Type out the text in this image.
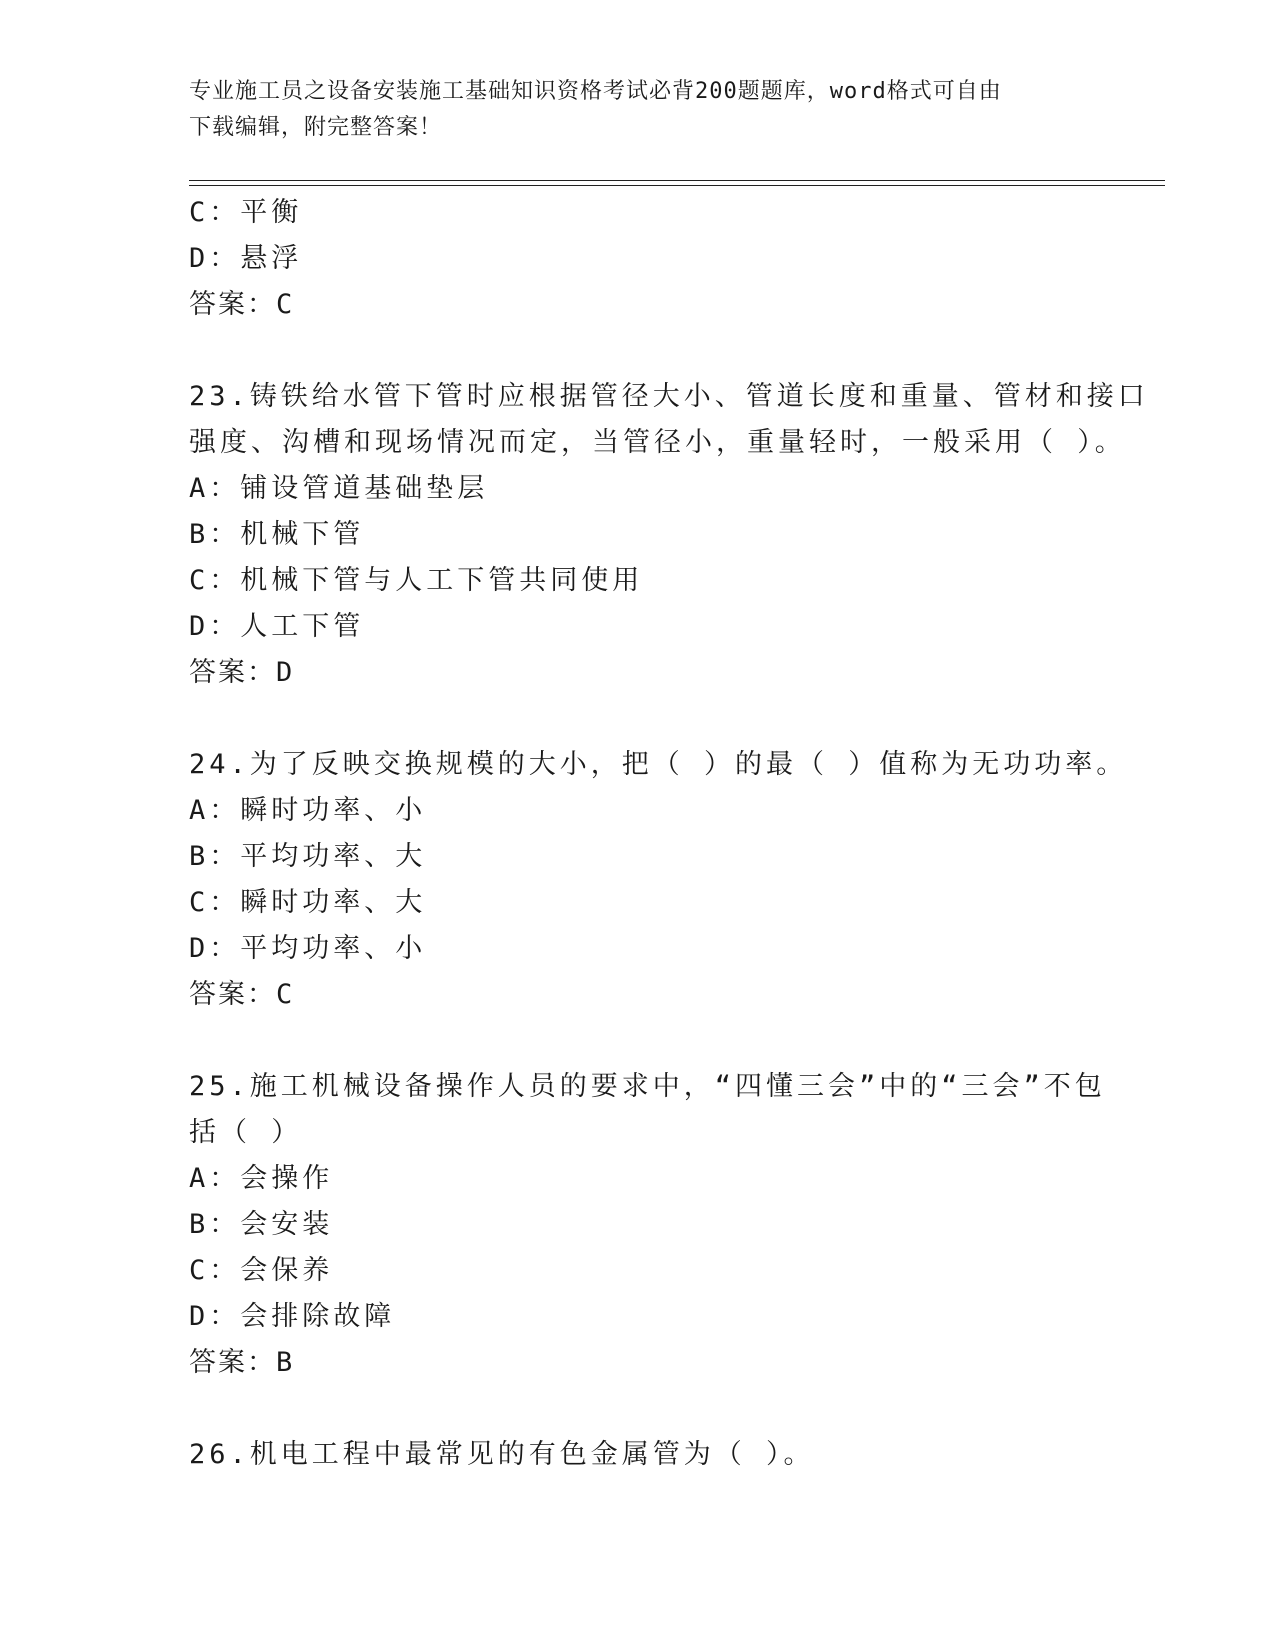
专业施工员之设备安装施工基础知识资格考试必背200题题库，word格式可自由
下载编辑，附完整答案！
C：平衡
D：悬浮
答案：C
23.铸铁给水管下管时应根据管径大小、管道长度和重量、管材和接口
强度、沟槽和现场情况而定，当管径小，重量轻时，一般采用（ ）。
A：铺设管道基础垫层
B：机械下管
C：机械下管与人工下管共同使用
D：人工下管
答案：D
24.为了反映交换规模的大小，把（ ）的最（ ）值称为无功功率。
A：瞬时功率、小
B：平均功率、大
C：瞬时功率、大
D：平均功率、小
答案：C
25.施工机械设备操作人员的要求中，“四懂三会”中的“三会”不包
括（ ）
A：会操作
B：会安装
C：会保养
D：会排除故障
答案：B
26.机电工程中最常见的有色金属管为（ ）。
